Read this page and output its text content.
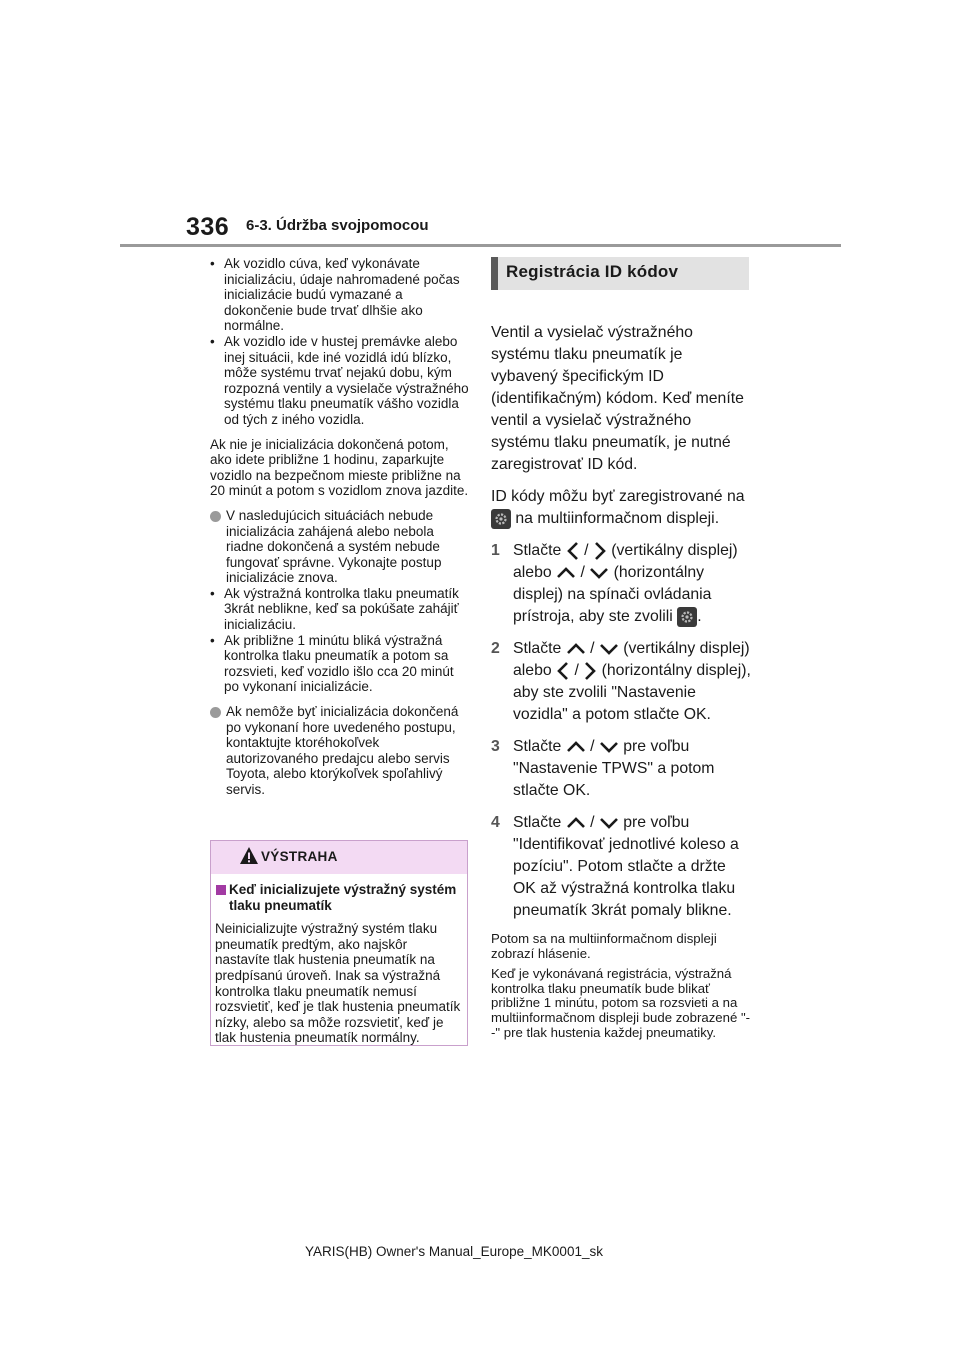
336 6-3. Údržba svojpomocou

• Ak vozidlo cúva, keď vykonávate inicializáciu, údaje nahromadené počas inicializácie budú vymazané a dokončenie bude trvať dlhšie ako normálne.

• Ak vozidlo ide v hustej premávke alebo inej situácii, kde iné vozidlá idú blízko, môže systému trvať nejakú dobu, kým rozpozná ventily a vysielače výstražného systému tlaku pneumatík vášho vozidla od tých z iného vozidla.

Ak nie je inicializácia dokončená potom, ako idete približne 1 hodinu, zaparkujte vozidlo na bezpečnom mieste približne na 20 minút a potom s vozidlom znova jazdite.

V nasledujúcich situáciách nebude inicializácia zahájená alebo nebola riadne dokončená a systém nebude fungovať správne. Vykonajte postup inicializácie znova.

• Ak výstražná kontrolka tlaku pneumatík 3krát neblikne, keď sa pokúšate zahájiť inicializáciu.

• Ak približne 1 minútu bliká výstražná kontrolka tlaku pneumatík a potom sa rozsvieti, keď vozidlo išlo cca 20 minút po vykonaní inicializácie.

Ak nemôže byť inicializácia dokončená po vykonaní hore uvedeného postupu, kontaktujte ktoréhokoľvek autorizovaného predajcu alebo servis Toyota, alebo ktorýkoľvek spoľahlivý servis.

VÝSTRAHA
Keď inicializujete výstražný systém tlaku pneumatík
Neinicializujte výstražný systém tlaku pneumatík predtým, ako najskôr nastavíte tlak hustenia pneumatík na predpísanú úroveň. Inak sa výstražná kontrolka tlaku pneumatík nemusí rozsvietiť, keď je tlak hustenia pneumatík nízky, alebo sa môže rozsvietiť, keď je tlak hustenia pneumatík normálny.
Registrácia ID kódov

Ventil a vysielač výstražného systému tlaku pneumatík je vybavený špecifickým ID (identifikačným) kódom. Keď meníte ventil a vysielač výstražného systému tlaku pneumatík, je nutné zaregistrovať ID kód.

ID kódy môžu byť zaregistrované na
na multiinformačnom displeji.

1 Stlačte / (vertikálny displej) alebo / (horizontálny displej) na spínači ovládania prístroja, aby ste zvolili .

2 Stlačte / (vertikálny displej) alebo / (horizontálny displej), aby ste zvolili "Nastavenie vozidla" a potom stlačte OK.

3 Stlačte / pre voľbu "Nastavenie TPWS" a potom stlačte OK.

4 Stlačte / pre voľbu "Identifikovať jednotlivé koleso a pozíciu". Potom stlačte a držte OK až výstražná kontrolka tlaku pneumatík 3krát pomaly blikne.

Potom sa na multiinformačnom displeji zobrazí hlásenie.

Keď je vykonávaná registrácia, výstražná kontrolka tlaku pneumatík bude blikať približne 1 minútu, potom sa rozsvieti a na multiinformačnom displeji bude zobrazené "--" pre tlak hustenia každej pneumatiky.

YARIS(HB) Owner's Manual_Europe_MK0001_sk
